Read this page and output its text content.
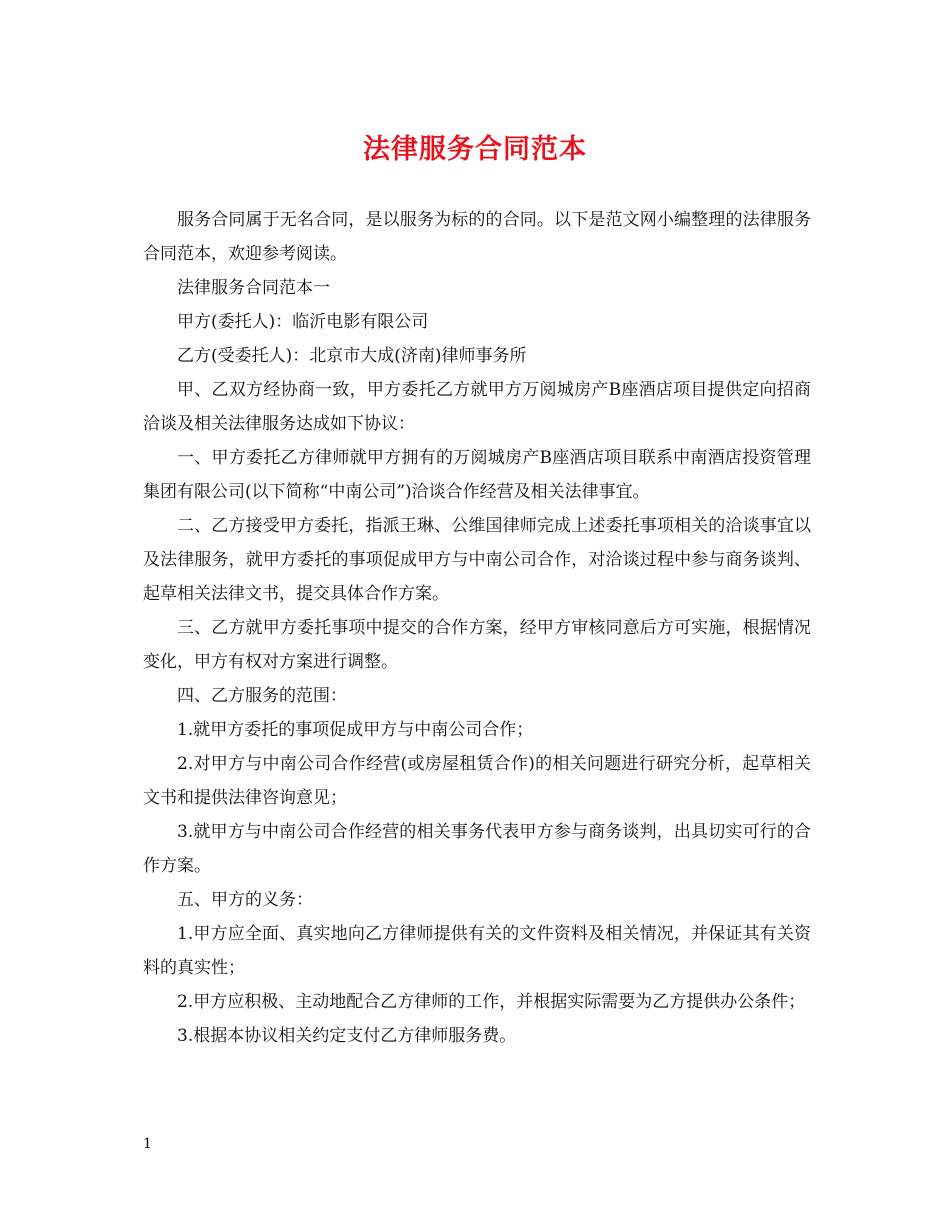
法律服务合同范本

服务合同属于无名合同，是以服务为标的的合同。以下是范文网小编整理的法律服务合同范本，欢迎参考阅读。

法律服务合同范本一

甲方(委托人)：临沂电影有限公司

乙方(受委托人)：北京市大成(济南)律师事务所

甲、乙双方经协商一致，甲方委托乙方就甲方万阅城房产B座酒店项目提供定向招商洽谈及相关法律服务达成如下协议：

一、甲方委托乙方律师就甲方拥有的万阅城房产B座酒店项目联系中南酒店投资管理集团有限公司(以下简称“中南公司”)洽谈合作经营及相关法律事宜。

二、乙方接受甲方委托，指派王琳、公维国律师完成上述委托事项相关的洽谈事宜以及法律服务，就甲方委托的事项促成甲方与中南公司合作，对洽谈过程中参与商务谈判、起草相关法律文书，提交具体合作方案。

三、乙方就甲方委托事项中提交的合作方案，经甲方审核同意后方可实施，根据情况变化，甲方有权对方案进行调整。

四、乙方服务的范围：

1.就甲方委托的事项促成甲方与中南公司合作；

2.对甲方与中南公司合作经营(或房屋租赁合作)的相关问题进行研究分析，起草相关文书和提供法律咨询意见；

3.就甲方与中南公司合作经营的相关事务代表甲方参与商务谈判，出具切实可行的合作方案。

五、甲方的义务：

1.甲方应全面、真实地向乙方律师提供有关的文件资料及相关情况，并保证其有关资料的真实性；

2.甲方应积极、主动地配合乙方律师的工作，并根据实际需要为乙方提供办公条件；

3.根据本协议相关约定支付乙方律师服务费。

1
